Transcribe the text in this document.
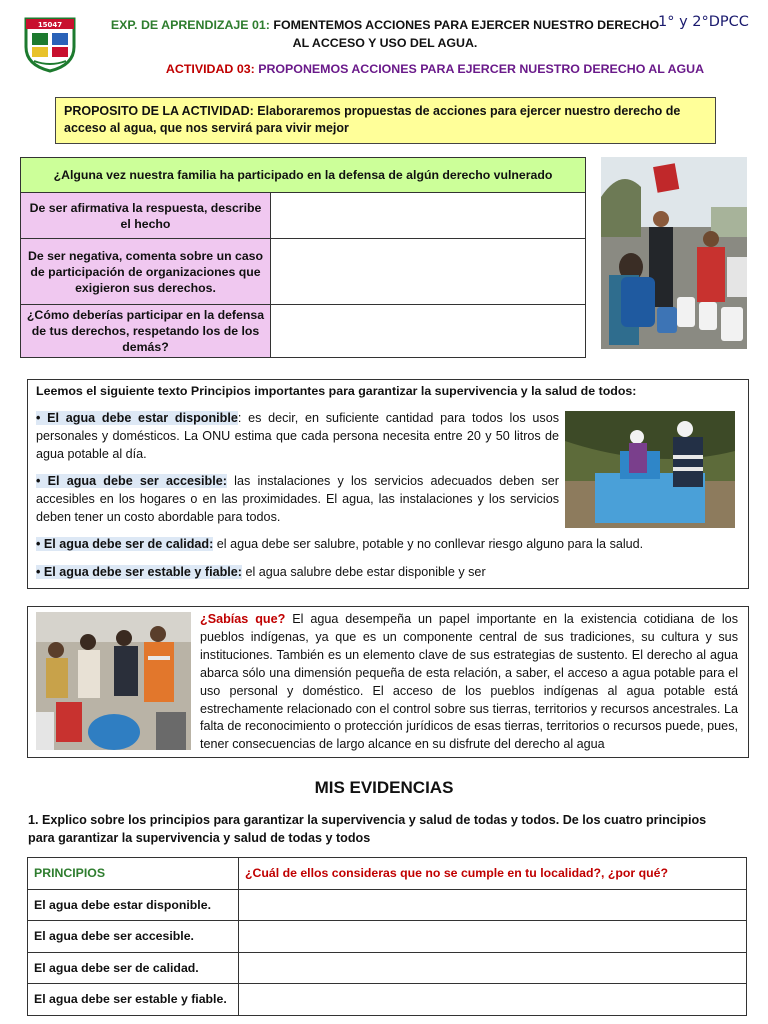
15047	EXP. DE APRENDIZAJE 01: FOMENTEMOS ACCIONES PARA EJERCER NUESTRO DERECHO
AL ACCESO Y USO DEL AGUA.
1° y 2°DPCC
ACTIVIDAD 03: PROPONEMOS ACCIONES PARA EJERCER NUESTRO DERECHO AL AGUA
PROPOSITO DE LA ACTIVIDAD: Elaboraremos propuestas de acciones para ejercer nuestro derecho de acceso al agua, que nos servirá para vivir mejor
¿Alguna vez nuestra familia ha participado en la defensa de algún derecho vulnerado	
De ser afirmativa la respuesta, describe el hecho	
De ser negativa, comenta sobre un caso de participación de organizaciones que exigieron sus derechos.	
¿Cómo deberías participar en la defensa de tus derechos, respetando los de los demás?	
Leemos el siguiente texto Principios importantes para garantizar la supervivencia y la salud de todos:
• El agua debe estar disponible: es decir, en suficiente cantidad para todos los usos personales y domésticos. La ONU estima que cada persona necesita entre 20 y 50 litros de agua potable al día.
• El agua debe ser accesible: las instalaciones y los servicios adecuados deben ser accesibles en los hogares o en las proximidades. El agua, las instalaciones y los servicios deben tener un costo abordable para todos.
• El agua debe ser de calidad: el agua debe ser salubre, potable y no conllevar riesgo alguno para la salud.
• El agua debe ser estable y fiable: el agua salubre debe estar disponible y ser
¿Sabías que? El agua desempeña un papel importante en la existencia cotidiana de los pueblos indígenas, ya que es un componente central de sus tradiciones, su cultura y sus instituciones. También es un elemento clave de sus estrategias de sustento. El derecho al agua abarca sólo una dimensión pequeña de esta relación, a saber, el acceso a agua potable para el uso personal y doméstico. El acceso de los pueblos indígenas al agua potable está estrechamente relacionado con el control sobre sus tierras, territorios y recursos ancestrales. La falta de reconocimiento o protección jurídicos de esas tierras, territorios o recursos puede, pues, tener consecuencias de largo alcance en su disfrute del derecho al agua
MIS EVIDENCIAS
1. Explico sobre los principios para garantizar la supervivencia y salud de todas y todos. De los cuatro principios para garantizar la supervivencia y salud de todas y todos
PRINCIPIOS	¿Cuál de ellos consideras que no se cumple en tu localidad?, ¿por qué?
El agua debe estar disponible.	
El agua debe ser accesible.	
El agua debe ser de calidad.	
El agua debe ser estable y fiable.	
